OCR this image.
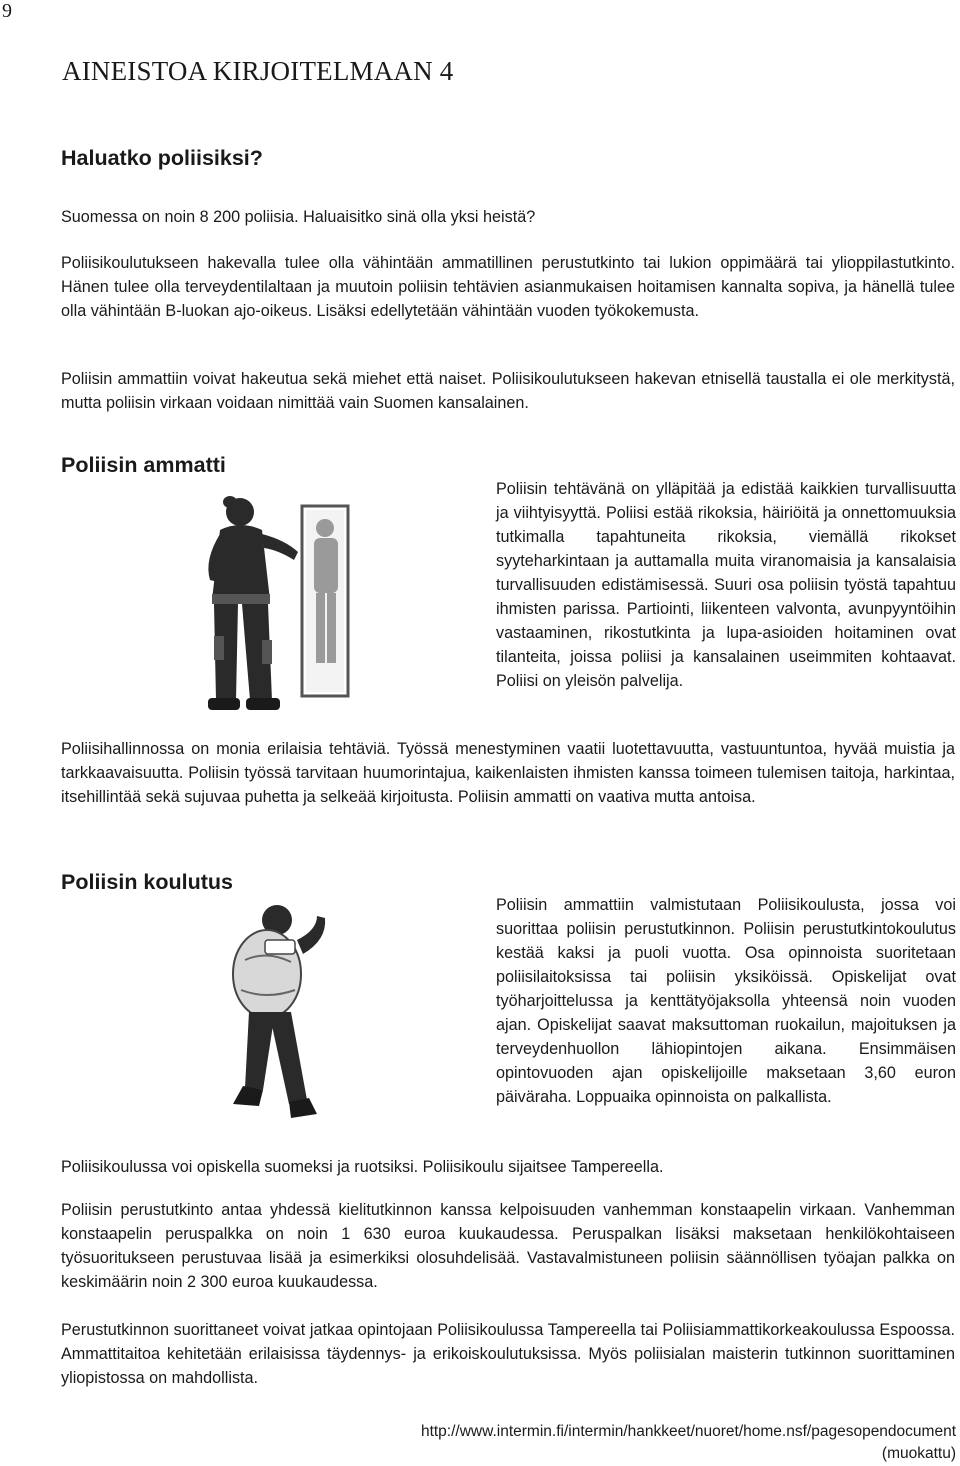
9
AINEISTOA KIRJOITELMAAN 4
Haluatko poliisiksi?
Suomessa on noin 8 200 poliisia. Haluaisitko sinä olla yksi heistä?
Poliisikoulutukseen hakevalla tulee olla vähintään ammatillinen perustutkinto tai lukion oppimäärä tai ylioppilastutkinto. Hänen tulee olla terveydentilaltaan ja muutoin poliisin tehtävien asianmukaisen hoitamisen kannalta sopiva, ja hänellä tulee olla vähintään B-luokan ajo-oikeus. Lisäksi edellytetään vähintään vuoden työkokemusta.
Poliisin ammattiin voivat hakeutua sekä miehet että naiset. Poliisikoulutukseen hakevan etnisellä taustalla ei ole merkitystä, mutta poliisin virkaan voidaan nimittää vain Suomen kansalainen.
Poliisin ammatti
Poliisin tehtävänä on ylläpitää ja edistää kaikkien turvallisuutta ja viihtyisyyttä. Poliisi estää rikoksia, häiriöitä ja onnettomuuksia tutkimalla tapahtuneita rikoksia, viemällä rikokset syyteharkintaan ja auttamalla muita viranomaisia ja kansalaisia turvallisuuden edistämisessä. Suuri osa poliisin työstä tapahtuu ihmisten parissa. Partiointi, liikenteen valvonta, avunpyyntöihin vastaaminen, rikostutkinta ja lupa-asioiden hoitaminen ovat tilanteita, joissa poliisi ja kansalainen useimmiten kohtaavat. Poliisi on yleisön palvelija.
Poliisihallinnossa on monia erilaisia tehtäviä. Työssä menestyminen vaatii luotettavuutta, vastuuntuntoa, hyvää muistia ja tarkkaavaisuutta. Poliisin työssä tarvitaan huumorintajua, kaikenlaisten ihmisten kanssa toimeen tulemisen taitoja, harkintaa, itsehillintää sekä sujuvaa puhetta ja selkeää kirjoitusta. Poliisin ammatti on vaativa mutta antoisa.
Poliisin koulutus
Poliisin ammattiin valmistutaan Poliisikoulusta, jossa voi suorittaa poliisin perustutkinnon. Poliisin perustutkintokoulutus kestää kaksi ja puoli vuotta. Osa opinnoista suoritetaan poliisilaitoksissa tai poliisin yksiköissä. Opiskelijat ovat työharjoittelussa ja kenttätyöjaksolla yhteensä noin vuoden ajan. Opiskelijat saavat maksuttoman ruokailun, majoituksen ja terveydenhuollon lähiopintojen aikana. Ensimmäisen opintovuoden ajan opiskelijoille maksetaan 3,60 euron päiväraha. Loppuaika opinnoista on palkallista.
Poliisikoulussa voi opiskella suomeksi ja ruotsiksi. Poliisikoulu sijaitsee Tampereella.
Poliisin perustutkinto antaa yhdessä kielitutkinnon kanssa kelpoisuuden vanhemman konstaapelin virkaan. Vanhemman konstaapelin peruspalkka on noin 1 630 euroa kuukaudessa. Peruspalkan lisäksi maksetaan henkilökohtaiseen työsuoritukseen perustuvaa lisää ja esimerkiksi olosuhdelisää. Vastavalmistuneen poliisin säännöllisen työajan palkka on keskimäärin noin 2 300 euroa kuukaudessa.
Perustutkinnon suorittaneet voivat jatkaa opintojaan Poliisikoulussa Tampereella tai Poliisiammattikorkeakoulussa Espoossa. Ammattitaitoa kehitetään erilaisissa täydennys- ja erikoiskoulutuksissa. Myös poliisialan maisterin tutkinnon suorittaminen yliopistossa on mahdollista.
http://www.intermin.fi/intermin/hankkeet/nuoret/home.nsf/pagesopendocument
(muokattu)
